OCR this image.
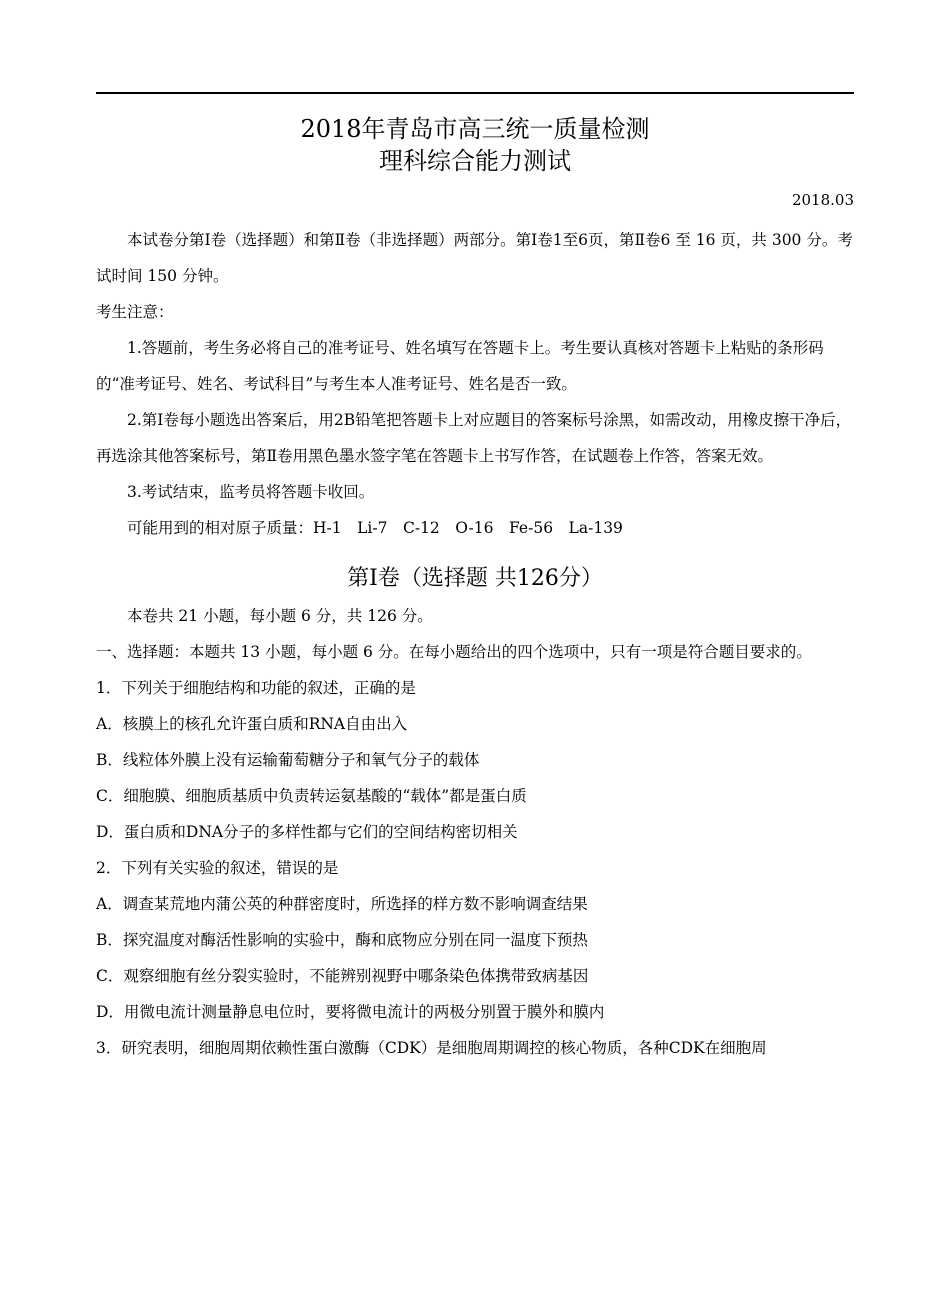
2018年青岛市高三统一质量检测
理科综合能力测试
2018.03

本试卷分第Ⅰ卷（选择题）和第Ⅱ卷（非选择题）两部分。第Ⅰ卷1至6页，第Ⅱ卷6 至 16 页，共 300 分。考试时间 150 分钟。

考生注意：

1.答题前，考生务必将自己的准考证号、姓名填写在答题卡上。考生要认真核对答题卡上粘贴的条形码的“准考证号、姓名、考试科目”与考生本人准考证号、姓名是否一致。

2.第Ⅰ卷每小题选出答案后，用2B铅笔把答题卡上对应题目的答案标号涂黑，如需改动，用橡皮擦干净后，再选涂其他答案标号，第Ⅱ卷用黑色墨水签字笔在答题卡上书写作答，在试题卷上作答，答案无效。

3.考试结束，监考员将答题卡收回。

可能用到的相对原子质量：H-1　Li-7　C-12　O-16　Fe-56　La-139

第Ⅰ卷（选择题 共126分）

本卷共 21 小题，每小题 6 分，共 126 分。

一、选择题：本题共 13 小题，每小题 6 分。在每小题给出的四个选项中，只有一项是符合题目要求的。

1．下列关于细胞结构和功能的叙述，正确的是

A．核膜上的核孔允许蛋白质和RNA自由出入

B．线粒体外膜上没有运输葡萄糖分子和氧气分子的载体

C．细胞膜、细胞质基质中负责转运氨基酸的“载体”都是蛋白质

D．蛋白质和DNA分子的多样性都与它们的空间结构密切相关

2．下列有关实验的叙述，错误的是

A．调查某荒地内蒲公英的种群密度时，所选择的样方数不影响调查结果

B．探究温度对酶活性影响的实验中，酶和底物应分别在同一温度下预热

C．观察细胞有丝分裂实验时，不能辨别视野中哪条染色体携带致病基因

D．用微电流计测量静息电位时，要将微电流计的两极分别置于膜外和膜内

3．研究表明，细胞周期依赖性蛋白激酶（CDK）是细胞周期调控的核心物质，各种CDK在细胞周
